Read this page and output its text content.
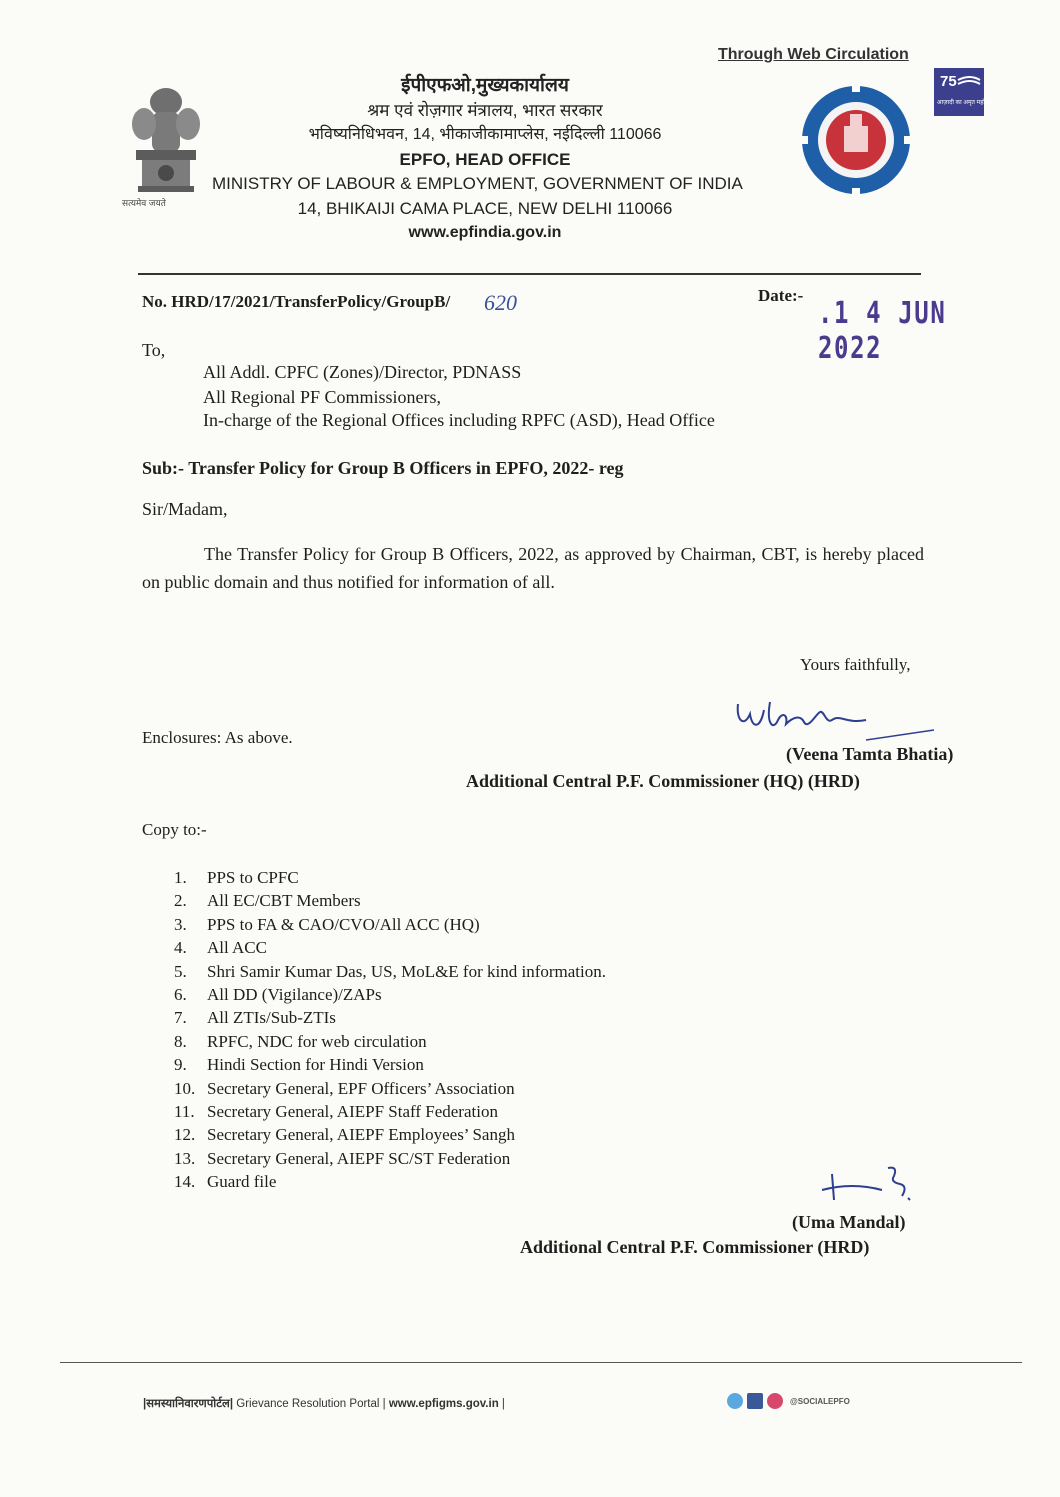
Through Web Circulation
सत्यमेव जयते
ईपीएफओ,मुख्यकार्यालय
श्रम एवं रोज़गार मंत्रालय, भारत सरकार
भविष्यनिधिभवन, 14, भीकाजीकामाप्लेस, नईदिल्ली 110066
EPFO, HEAD OFFICE
MINISTRY OF LABOUR & EMPLOYMENT, GOVERNMENT OF INDIA
14, BHIKAIJI CAMA PLACE, NEW DELHI 110066
www.epfindia.gov.in
75
आज़ादी का अमृत महोत्सव
No. HRD/17/2021/TransferPolicy/GroupB/ 620	Date:-
.1 4 JUN 2022
To,
All Addl. CPFC (Zones)/Director, PDNASS
All Regional PF Commissioners,
In-charge of the Regional Offices including RPFC (ASD), Head Office
Sub:- Transfer Policy for Group B Officers in EPFO, 2022- reg
Sir/Madam,
The Transfer Policy for Group B Officers, 2022, as approved by Chairman, CBT, is hereby placed on public domain and thus notified for information of all.
Yours faithfully,
Enclosures: As above.
(Veena Tamta Bhatia)
Additional Central P.F. Commissioner (HQ) (HRD)
Copy to:-
1. PPS to CPFC
2. All EC/CBT Members
3. PPS to FA & CAO/CVO/All ACC (HQ)
4. All ACC
5. Shri Samir Kumar Das, US, MoL&E for kind information.
6. All DD (Vigilance)/ZAPs
7. All ZTIs/Sub-ZTIs
8. RPFC, NDC for web circulation
9. Hindi Section for Hindi Version
10. Secretary General, EPF Officers’ Association
11. Secretary General, AIEPF Staff Federation
12. Secretary General, AIEPF Employees’ Sangh
13. Secretary General, AIEPF SC/ST Federation
14. Guard file
(Uma Mandal)
Additional Central P.F. Commissioner (HRD)
|समस्यानिवारणपोर्टल| Grievance Resolution Portal | www.epfigms.gov.in |	@SOCIALEPFO
